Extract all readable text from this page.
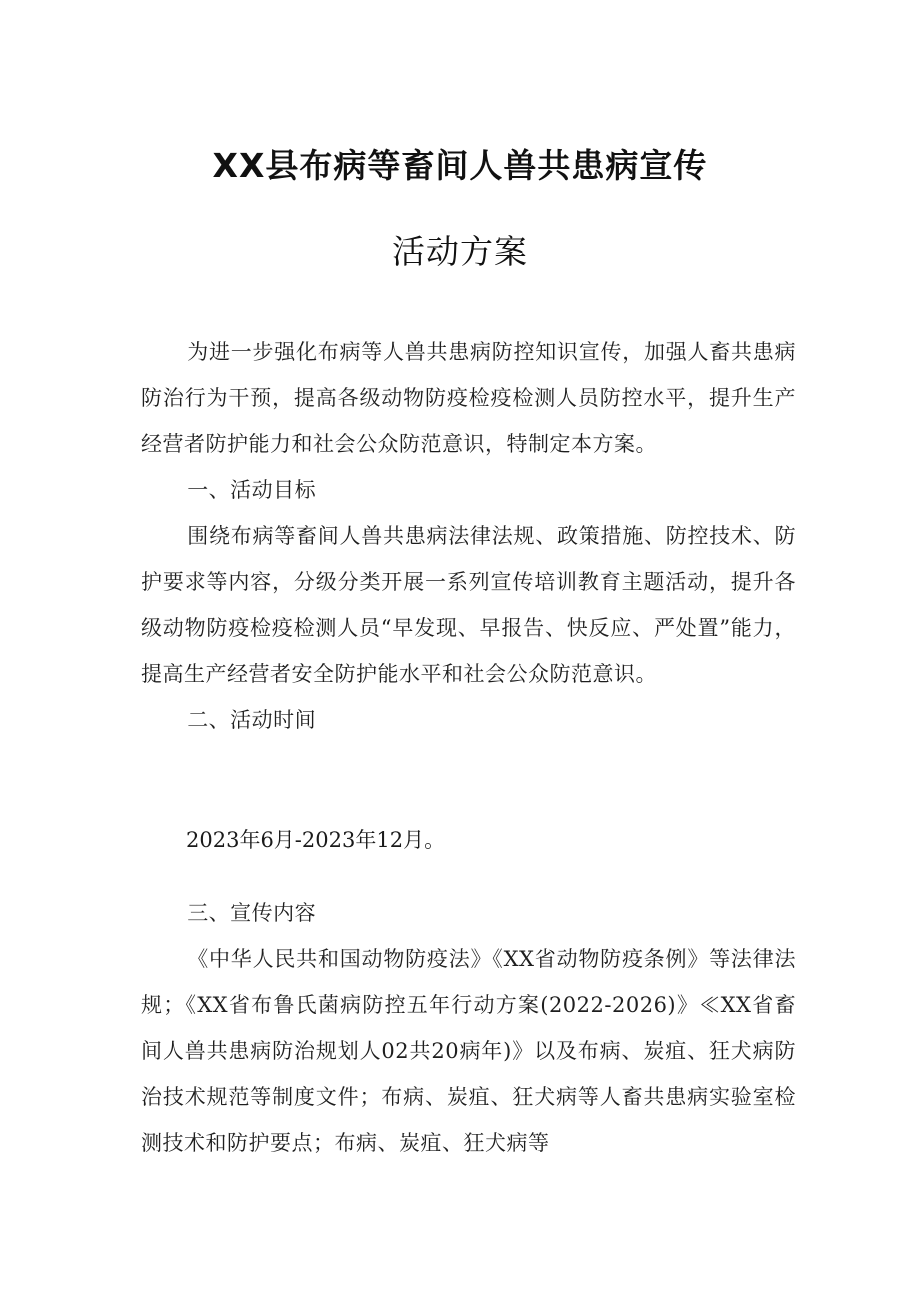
XX县布病等畜间人兽共患病宣传
活动方案

为进一步强化布病等人兽共患病防控知识宣传，加强人畜共患病防治行为干预，提高各级动物防疫检疫检测人员防控水平，提升生产经营者防护能力和社会公众防范意识，特制定本方案。

一、活动目标

围绕布病等畜间人兽共患病法律法规、政策措施、防控技术、防护要求等内容，分级分类开展一系列宣传培训教育主题活动，提升各级动物防疫检疫检测人员“早发现、早报告、快反应、严处置”能力，提高生产经营者安全防护能水平和社会公众防范意识。

二、活动时间

2023年6月-2023年12月。

三、宣传内容

《中华人民共和国动物防疫法》《XX省动物防疫条例》等法律法规；《XX省布鲁氏菌病防控五年行动方案(2022-2026)》≪XX省畜间人兽共患病防治规划人02共20病年)》以及布病、炭疽、狂犬病防治技术规范等制度文件；布病、炭疽、狂犬病等人畜共患病实验室检测技术和防护要点；布病、炭疽、狂犬病等
